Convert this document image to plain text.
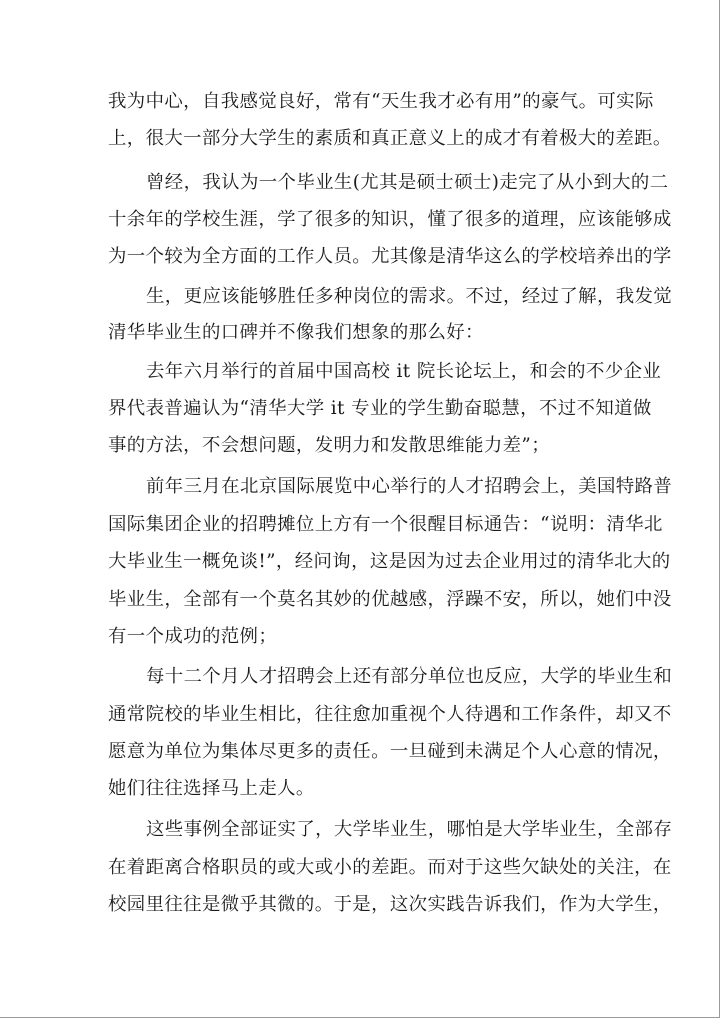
我为中心，自我感觉良好，常有“天生我才必有用”的豪气。可实际
上，很大一部分大学生的素质和真正意义上的成才有着极大的差距。
曾经，我认为一个毕业生(尤其是硕士硕士)走完了从小到大的二
十余年的学校生涯，学了很多的知识，懂了很多的道理，应该能够成
为一个较为全方面的工作人员。尤其像是清华这么的学校培养出的学
生，更应该能够胜任多种岗位的需求。不过，经过了解，我发觉
清华毕业生的口碑并不像我们想象的那么好：
去年六月举行的首届中国高校 it 院长论坛上，和会的不少企业
界代表普遍认为“清华大学 it 专业的学生勤奋聪慧，不过不知道做
事的方法，不会想问题，发明力和发散思维能力差”；
前年三月在北京国际展览中心举行的人才招聘会上，美国特路普
国际集团企业的招聘摊位上方有一个很醒目标通告：“说明：清华北
大毕业生一概免谈!”，经问询，这是因为过去企业用过的清华北大的
毕业生，全部有一个莫名其妙的优越感，浮躁不安，所以，她们中没
有一个成功的范例；
每十二个月人才招聘会上还有部分单位也反应，大学的毕业生和
通常院校的毕业生相比，往往愈加重视个人待遇和工作条件，却又不
愿意为单位为集体尽更多的责任。一旦碰到未满足个人心意的情况，
她们往往选择马上走人。
这些事例全部证实了，大学毕业生，哪怕是大学毕业生，全部存
在着距离合格职员的或大或小的差距。而对于这些欠缺处的关注，在
校园里往往是微乎其微的。于是，这次实践告诉我们，作为大学生，
